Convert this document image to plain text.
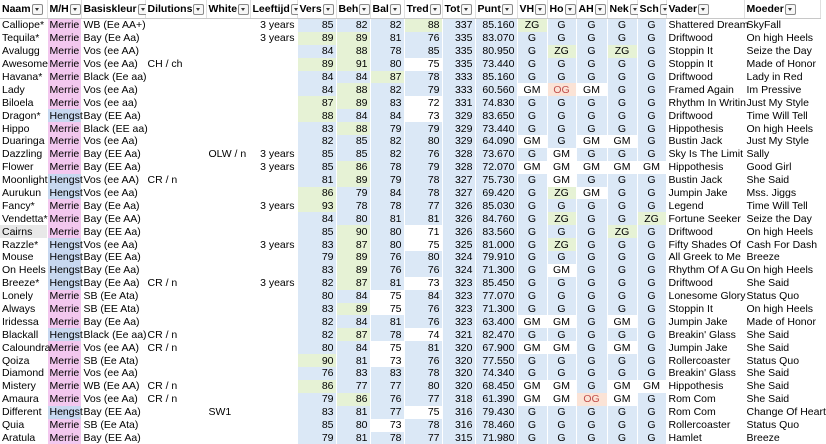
Naam	M/H	Basiskleur	Dilutions	White	Leeftijd	Vers	Beh	Bal	Tred	Tot	Punt	VH	Ho	AH	Nek	Sch	Vader	Moeder
Calliope*	Merrie	WB (Ee AA+)			3 years	85	82	82	88	337	85.160	ZG	G	G	G	G	Shattered Dream	SkyFall
Tequila*	Merrie	Bay (Ee Aa)			3 years	89	89	81	76	335	83.070	G	G	G	G	G	Driftwood	On high Heels
Avalugg	Merrie	Vos (ee AA)				84	88	78	85	335	80.950	G	ZG	G	ZG	G	Stoppin It	Seize the Day
Awesome	Merrie	Vos (ee Aa)	CH / ch			89	91	80	75	335	73.440	G	G	G	G	G	Stoppin It	Made of Honor
Havana*	Merrie	Black (Ee aa)				84	84	87	78	333	85.160	G	G	G	G	G	Driftwood	Lady in Red
Lady	Merrie	Vos (ee Aa)				84	88	82	79	333	60.560	GM	OG	GM	G	G	Framed Again	Im Pressive
Biloela	Merrie	Vos (ee aa)				87	89	83	72	331	74.830	G	G	G	G	G	Rhythm In Writin	Just My Style
Dragon*	Hengst	Bay (EE Aa)				88	84	84	73	329	83.650	G	G	G	G	G	Driftwood	Time Will Tell
Hippo	Merrie	Black (EE aa)				83	88	79	79	329	73.440	G	G	G	G	G	Hippothesis	On high Heels
Duaringa	Merrie	Vos (ee Aa)				82	85	82	80	329	64.090	GM	G	GM	GM	G	Bustin Jack	Just My Style
Dazzling	Merrie	Bay (EE Aa)		OLW / n	3 years	85	85	82	76	328	73.670	G	GM	G	G	G	Sky Is The Limit	Sally
Flower	Merrie	Bay (EE Aa)			3 years	85	86	78	79	328	72.070	GM	GM	GM	GM	GM	Hippothesis	Good Girl
Moonlight	Hengst	Vos (ee AA)	CR / n			81	89	79	78	327	75.730	G	GM	G	G	G	Bustin Jack	She Said
Aurukun	Hengst	Vos (ee Aa)				86	79	84	78	327	69.420	G	ZG	GM	G	G	Jumpin Jake	Mss. Jiggs
Fancy*	Merrie	Bay (Ee Aa)			3 years	93	78	78	77	326	85.030	G	G	G	G	G	Legend	Time Will Tell
Vendetta*	Merrie	Bay (Ee AA)				84	80	81	81	326	84.760	G	ZG	G	G	ZG	Fortune Seeker	Seize the Day
Cairns	Merrie	Bay (EE Aa)				85	90	80	71	326	83.560	G	G	G	ZG	G	Driftwood	On high Heels
Razzle*	Hengst	Vos (ee Aa)			3 years	83	87	80	75	325	81.000	G	ZG	G	G	G	Fifty Shades Of	Cash For Dash
Mouse	Hengst	Bay (EE Aa)				79	89	76	80	324	79.910	G	G	G	G	G	All Greek to Me	Breeze
On Heels	Hengst	Bay (Ee Aa)				83	89	76	76	324	71.300	G	GM	G	G	G	Rhythm Of A Gu	On high Heels
Breeze*	Hengst	Bay (Ee Aa)	CR / n		3 years	82	87	81	73	323	85.450	G	G	G	G	G	Driftwood	She Said
Lonely	Merrie	SB (Ee Ata)				80	84	75	84	323	77.070	G	G	G	G	G	Lonesome Glory	Status Quo
Always	Merrie	SB (EE Ata)				83	89	75	76	323	71.300	G	G	G	G	G	Stoppin It	On high Heels
Iridessa	Merrie	Bay (Ee Aa)				82	84	81	76	323	63.400	GM	GM	G	GM	G	Jumpin Jake	Made of Honor
Blackall	Hengst	Black (Ee aa)	CR / n			82	87	78	74	321	82.470	G	G	G	G	G	Breakin' Glass	She Said
Caloundra	Merrie	Vos (ee AA)	CR / n			80	84	75	81	320	67.900	GM	GM	G	GM	G	Jumpin Jake	She Said
Qoiza	Merrie	SB (Ee Ata)				90	81	73	76	320	77.550	G	G	G	G	G	Rollercoaster	Status Quo
Diamond	Merrie	Vos (ee Aa)				76	83	83	78	320	74.340	G	G	G	G	G	Breakin' Glass	She Said
Mistery	Merrie	WB (Ee AA)	CR / n			86	77	77	80	320	68.450	GM	GM	G	GM	GM	Hippothesis	She Said
Amaura	Merrie	Vos (ee Aa)	CR / n			79	86	76	77	318	61.390	GM	GM	OG	GM	G	Rom Com	She Said
Different	Hengst	Bay (EE Aa)		SW1		83	81	77	75	316	79.430	G	G	G	G	G	Rom Com	Change Of Heart
Quia	Merrie	SB (Ee Ata)				85	80	73	78	316	78.460	G	G	G	G	G	Rollercoaster	Status Quo
Aratula	Merrie	Bay (EE Aa)				79	81	78	77	315	71.980	G	G	G	G	G	Hamlet	Breeze
